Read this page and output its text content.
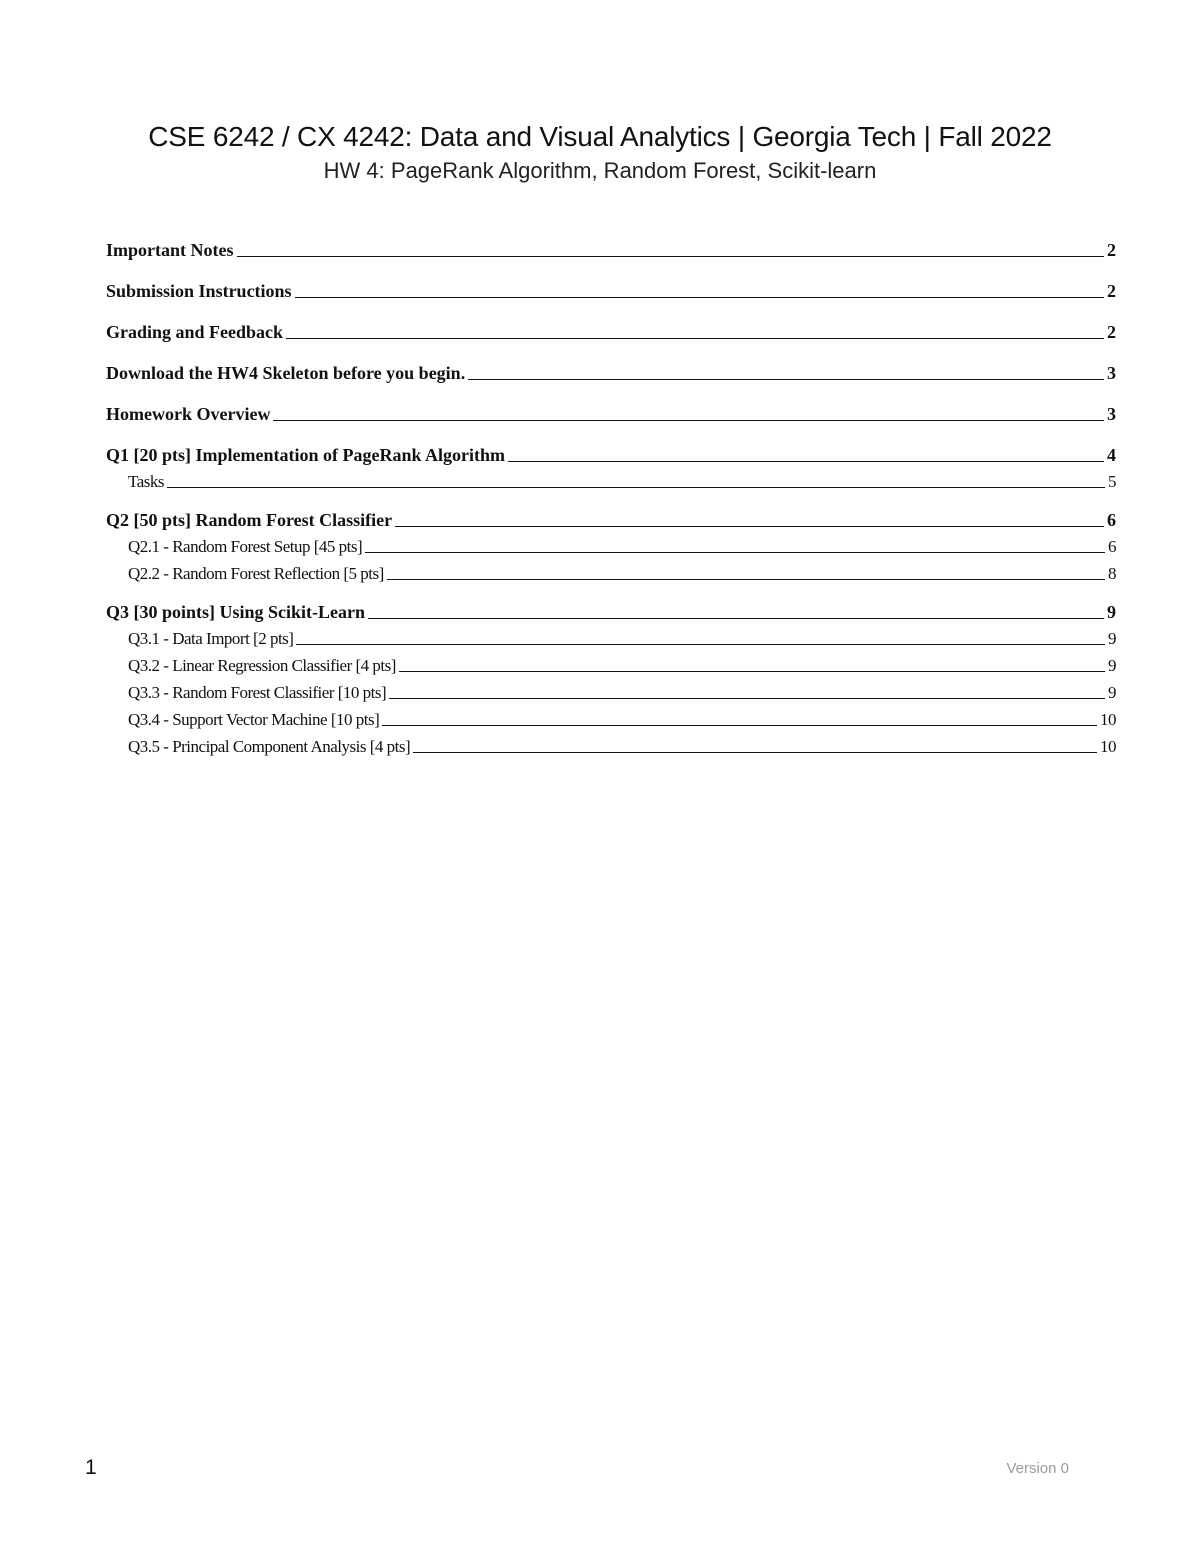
CSE 6242 / CX 4242: Data and Visual Analytics | Georgia Tech | Fall 2022
HW 4: PageRank Algorithm, Random Forest, Scikit-learn
Important Notes	2
Submission Instructions	2
Grading and Feedback	2
Download the HW4 Skeleton before you begin.	3
Homework Overview	3
Q1 [20 pts] Implementation of PageRank Algorithm	4
Tasks	5
Q2 [50 pts] Random Forest Classifier	6
Q2.1 - Random Forest Setup [45 pts]	6
Q2.2 - Random Forest Reflection [5 pts]	8
Q3 [30 points] Using Scikit-Learn	9
Q3.1 - Data Import [2 pts]	9
Q3.2 - Linear Regression Classifier [4 pts]	9
Q3.3 - Random Forest Classifier [10 pts]	9
Q3.4 - Support Vector Machine [10 pts]	10
Q3.5 - Principal Component Analysis [4 pts]	10
1	Version 0
